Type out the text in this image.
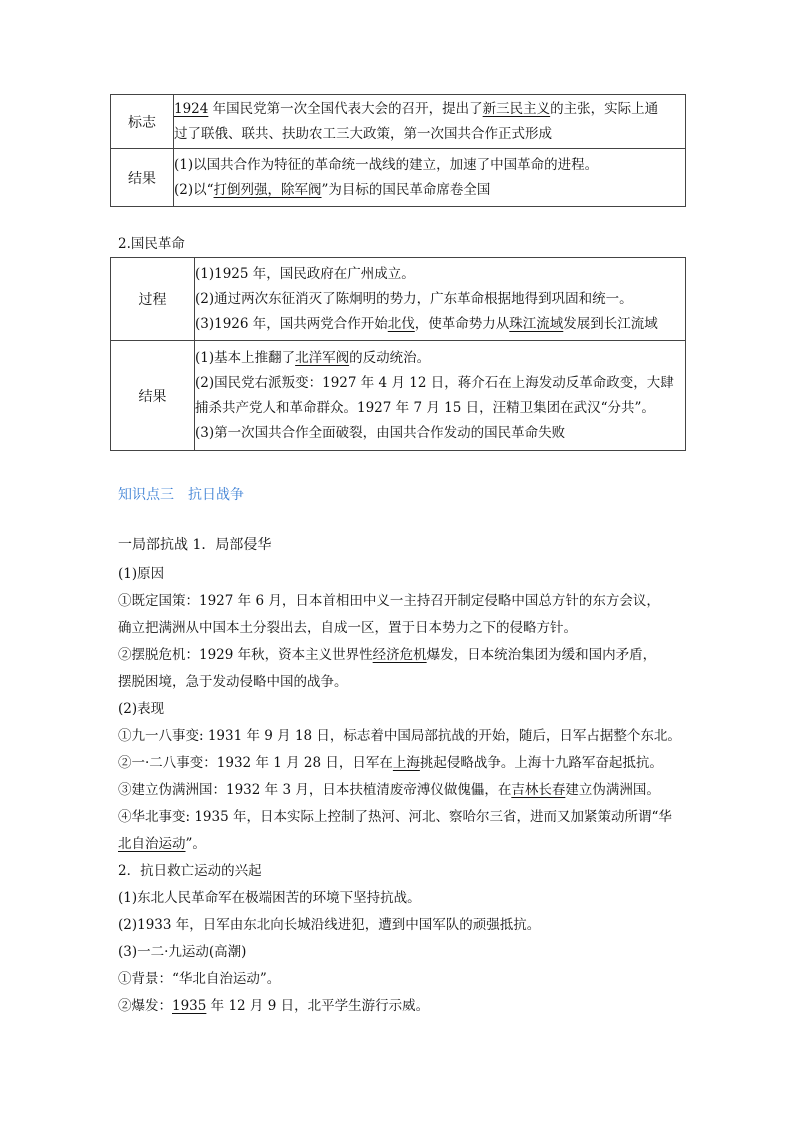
标志	1924 年国民党第一次全国代表大会的召开，提出了新三民主义的主张，实际上通
过了联俄、联共、扶助农工三大政策，第一次国共合作正式形成

结果	(1)以国共合作为特征的革命统一战线的建立，加速了中国革命的进程。
(2)以“打倒列强，除军阀”为目标的国民革命席卷全国
2.国民革命
过程	(1)1925 年，国民政府在广州成立。
(2)通过两次东征消灭了陈炯明的势力，广东革命根据地得到巩固和统一。
(3)1926 年，国共两党合作开始北伐，使革命势力从珠江流域发展到长江流域

结果	(1)基本上推翻了北洋军阀的反动统治。
(2)国民党右派叛变：1927 年 4 月 12 日，蒋介石在上海发动反革命政变，大肆
捕杀共产党人和革命群众。1927 年 7 月 15 日，汪精卫集团在武汉“分共”。
(3)第一次国共合作全面破裂，由国共合作发动的国民革命失败
知识点三　抗日战争
一局部抗战 1．局部侵华
(1)原因
①既定国策：1927 年 6 月，日本首相田中义一主持召开制定侵略中国总方针的东方会议，
确立把满洲从中国本土分裂出去，自成一区，置于日本势力之下的侵略方针。
②摆脱危机：1929 年秋，资本主义世界性经济危机爆发，日本统治集团为缓和国内矛盾，
摆脱困境，急于发动侵略中国的战争。
(2)表现
①九一八事变: 1931 年 9 月 18 日，标志着中国局部抗战的开始，随后，日军占据整个东北。
②一·二八事变：1932 年 1 月 28 日，日军在上海挑起侵略战争。上海十九路军奋起抵抗。
③建立伪满洲国：1932 年 3 月，日本扶植清废帝溥仪做傀儡，在吉林长春建立伪满洲国。
④华北事变: 1935 年，日本实际上控制了热河、河北、察哈尔三省，进而又加紧策动所谓“华
北自治运动”。
2．抗日救亡运动的兴起
(1)东北人民革命军在极端困苦的环境下坚持抗战。
(2)1933 年，日军由东北向长城沿线进犯，遭到中国军队的顽强抵抗。
(3)一二·九运动(高潮)
①背景：“华北自治运动”。
②爆发：1935 年 12 月 9 日，北平学生游行示威。
